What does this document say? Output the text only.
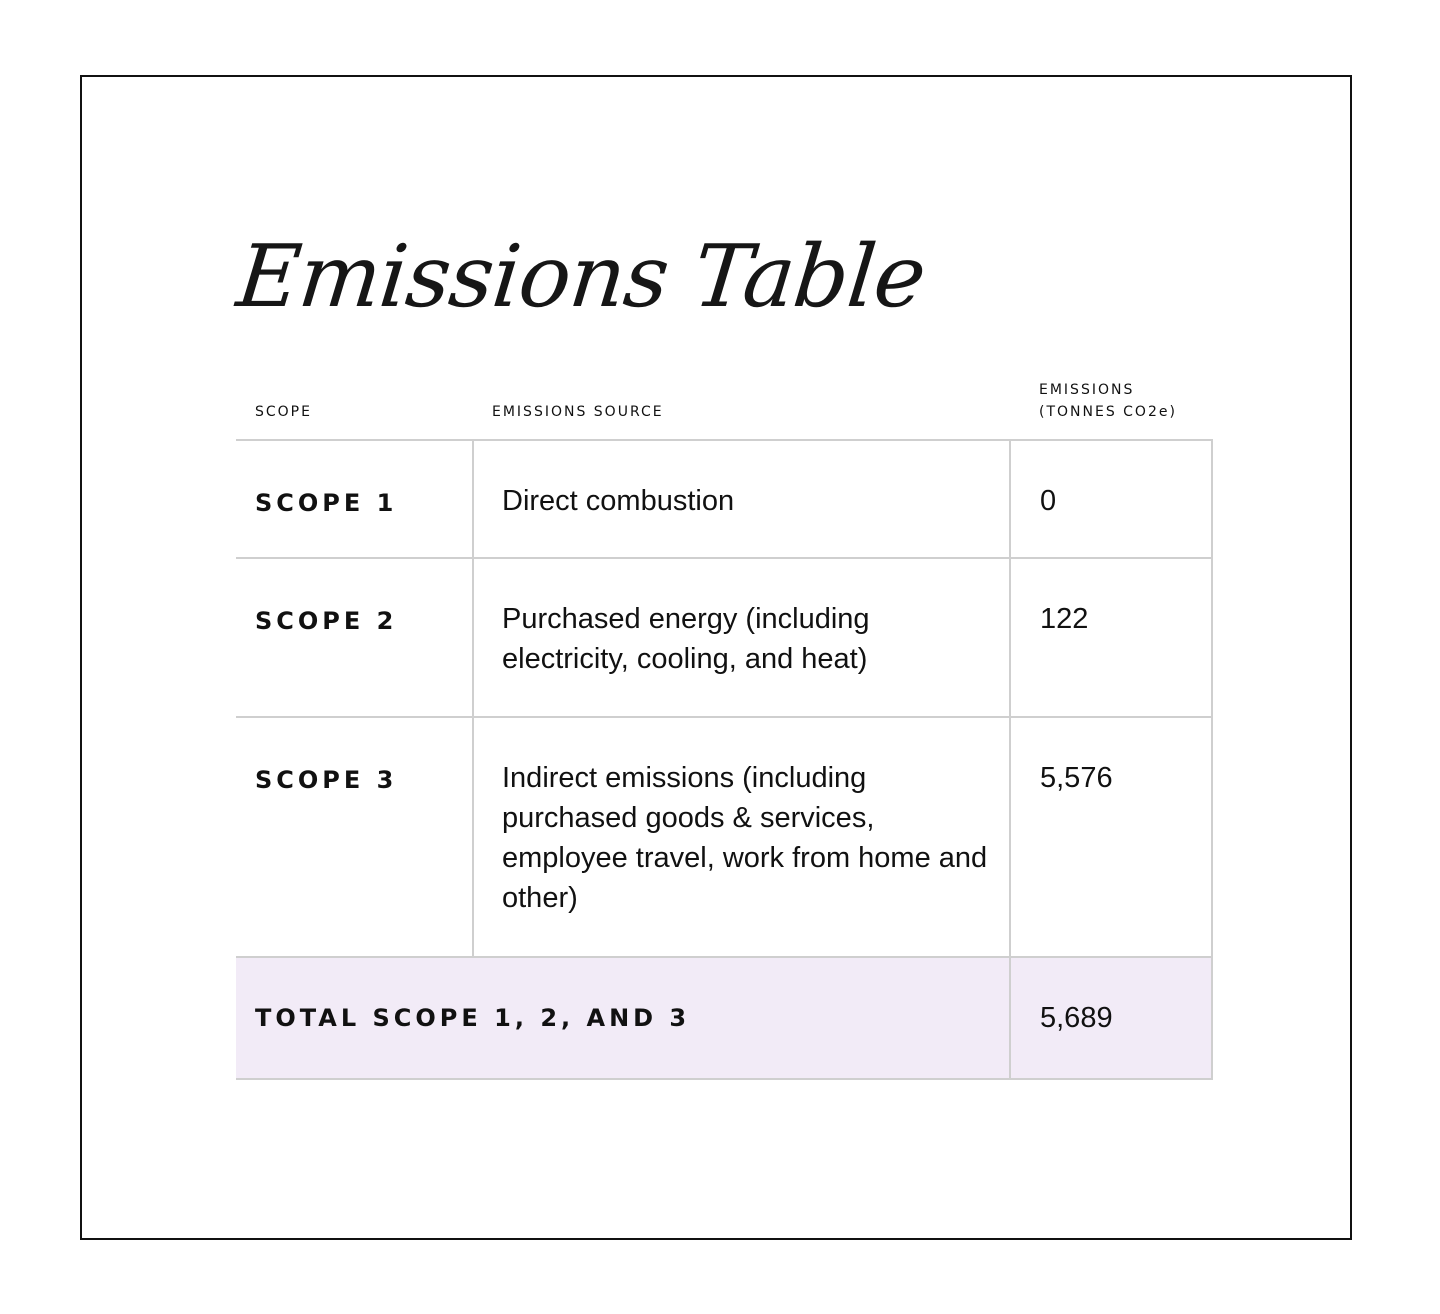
Emissions Table
SCOPE	EMISSIONS SOURCE	EMISSIONS
(TONNES CO2e)
SCOPE 1	Direct combustion	0
SCOPE 2	Purchased energy (including electricity, cooling, and heat)	122
SCOPE 3	Indirect emissions (including purchased goods & services, employee travel, work from home and other)	5,576
TOTAL SCOPE 1, 2, AND 3		5,689
